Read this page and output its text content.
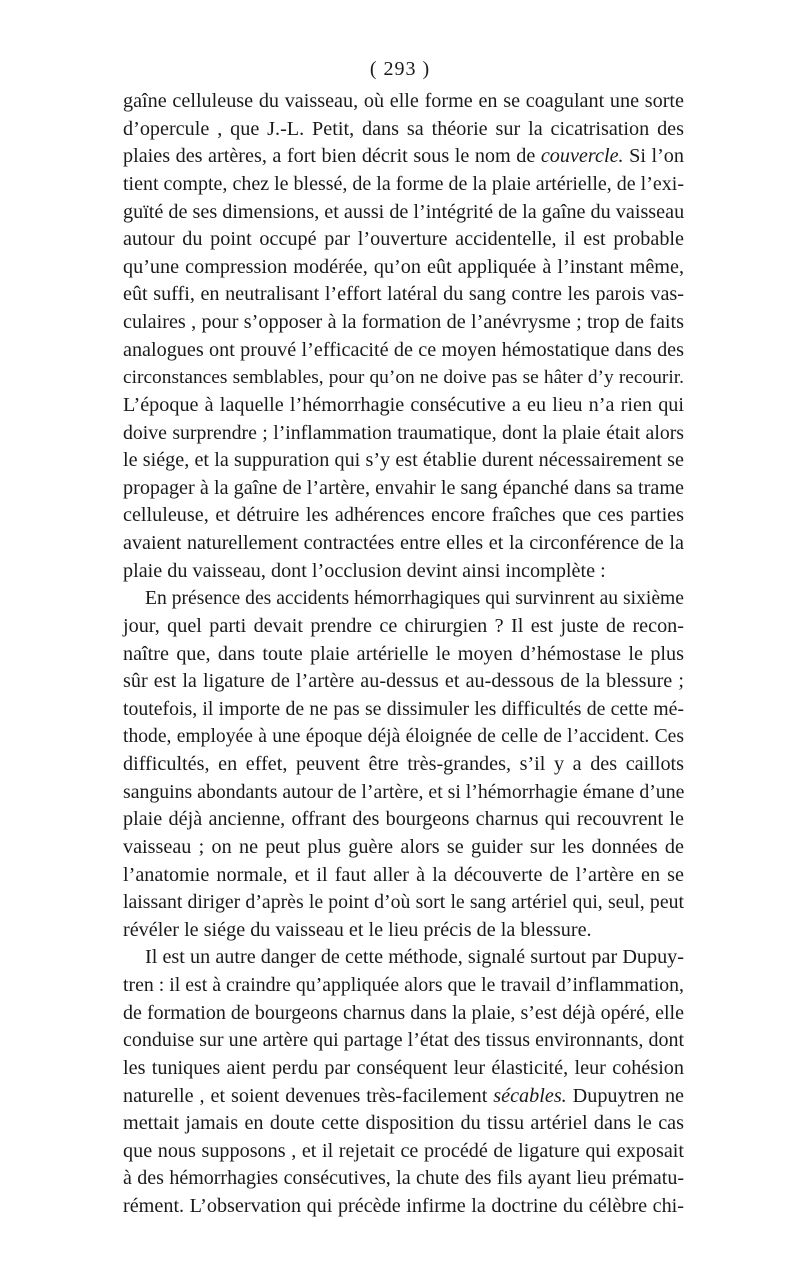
( 293 )
gaîne celluleuse du vaisseau, où elle forme en se coagulant une sorte
d’opercule , que J.-L. Petit, dans sa théorie sur la cicatrisation des
plaies des artères, a fort bien décrit sous le nom de couvercle. Si l’on
tient compte, chez le blessé, de la forme de la plaie artérielle, de l’exi-
guïté de ses dimensions, et aussi de l’intégrité de la gaîne du vaisseau
autour du point occupé par l’ouverture accidentelle, il est probable
qu’une compression modérée, qu’on eût appliquée à l’instant même,
eût suffi, en neutralisant l’effort latéral du sang contre les parois vas-
culaires , pour s’opposer à la formation de l’anévrysme ; trop de faits
analogues ont prouvé l’efficacité de ce moyen hémostatique dans des
circonstances semblables, pour qu’on ne doive pas se hâter d’y recourir.
L’époque à laquelle l’hémorrhagie consécutive a eu lieu n’a rien qui
doive surprendre ; l’inflammation traumatique, dont la plaie était alors
le siége, et la suppuration qui s’y est établie durent nécessairement se
propager à la gaîne de l’artère, envahir le sang épanché dans sa trame
celluleuse, et détruire les adhérences encore fraîches que ces parties
avaient naturellement contractées entre elles et la circonférence de la
plaie du vaisseau, dont l’occlusion devint ainsi incomplète :
En présence des accidents hémorrhagiques qui survinrent au sixième
jour, quel parti devait prendre ce chirurgien ? Il est juste de recon-
naître que, dans toute plaie artérielle le moyen d’hémostase le plus
sûr est la ligature de l’artère au-dessus et au-dessous de la blessure ;
toutefois, il importe de ne pas se dissimuler les difficultés de cette mé-
thode, employée à une époque déjà éloignée de celle de l’accident. Ces
difficultés, en effet, peuvent être très-grandes, s’il y a des caillots
sanguins abondants autour de l’artère, et si l’hémorrhagie émane d’une
plaie déjà ancienne, offrant des bourgeons charnus qui recouvrent le
vaisseau ; on ne peut plus guère alors se guider sur les données de
l’anatomie normale, et il faut aller à la découverte de l’artère en se
laissant diriger d’après le point d’où sort le sang artériel qui, seul, peut
révéler le siége du vaisseau et le lieu précis de la blessure.
Il est un autre danger de cette méthode, signalé surtout par Dupuy-
tren : il est à craindre qu’appliquée alors que le travail d’inflammation,
de formation de bourgeons charnus dans la plaie, s’est déjà opéré, elle
conduise sur une artère qui partage l’état des tissus environnants, dont
les tuniques aient perdu par conséquent leur élasticité, leur cohésion
naturelle , et soient devenues très-facilement sécables. Dupuytren ne
mettait jamais en doute cette disposition du tissu artériel dans le cas
que nous supposons , et il rejetait ce procédé de ligature qui exposait
à des hémorrhagies consécutives, la chute des fils ayant lieu prématu-
rément. L’observation qui précède infirme la doctrine du célèbre chi-
